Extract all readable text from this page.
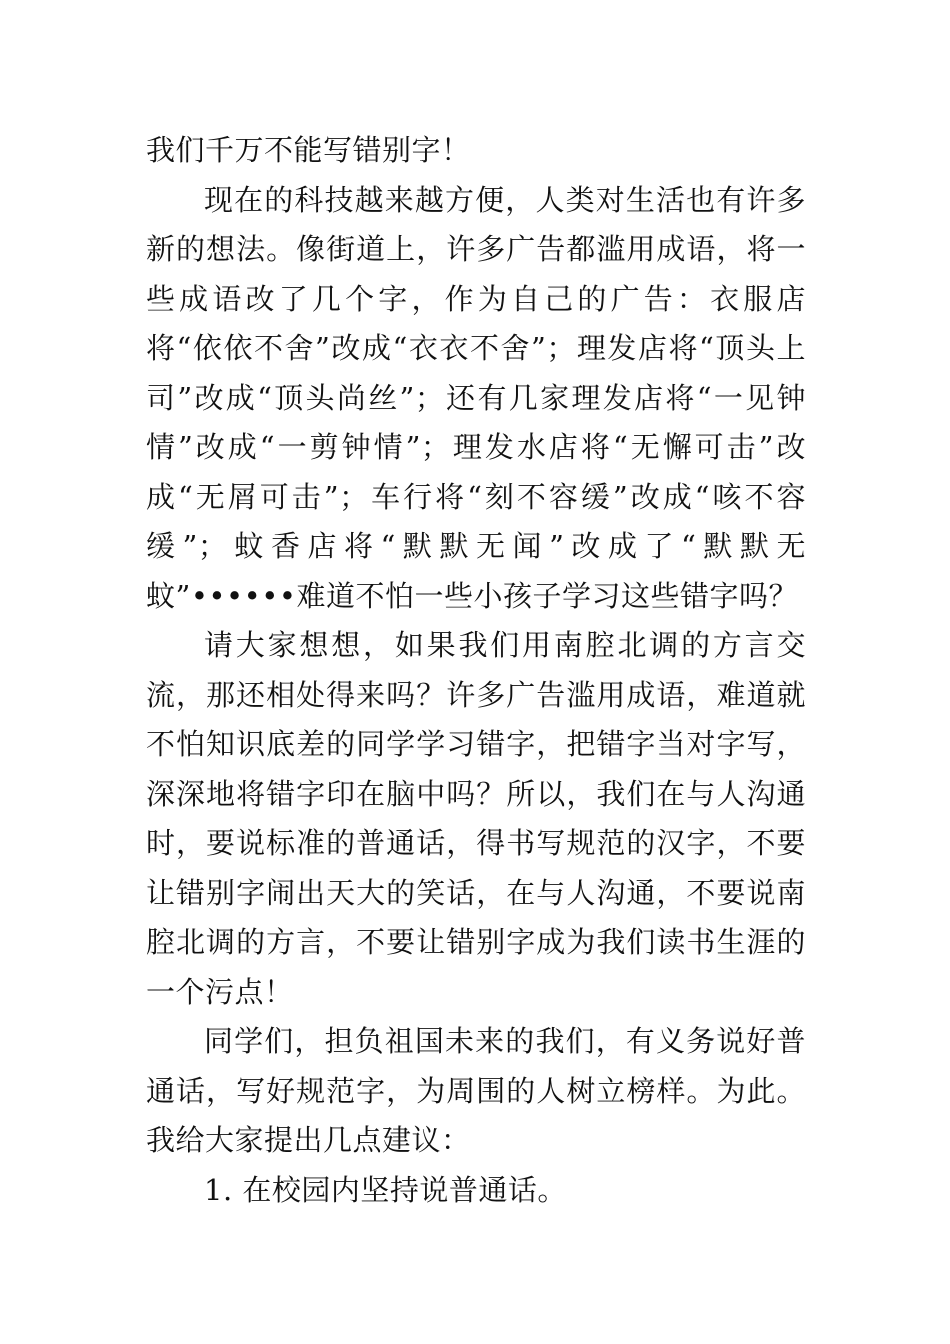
我们千万不能写错别字！

现在的科技越来越方便，人类对生活也有许多新的想法。像街道上，许多广告都滥用成语，将一些成语改了几个字，作为自己的广告：衣服店将“依依不舍”改成“衣衣不舍”；理发店将“顶头上司”改成“顶头尚丝”；还有几家理发店将“一见钟情”改成“一剪钟情”；理发水店将“无懈可击”改成“无屑可击”；车行将“刻不容缓”改成“咳不容缓”；蚊香店将“默默无闻”改成了“默默无蚊”••••••难道不怕一些小孩子学习这些错字吗？

请大家想想，如果我们用南腔北调的方言交流，那还相处得来吗？许多广告滥用成语，难道就不怕知识底差的同学学习错字，把错字当对字写，深深地将错字印在脑中吗？所以，我们在与人沟通时，要说标准的普通话，得书写规范的汉字，不要让错别字闹出天大的笑话，在与人沟通，不要说南腔北调的方言，不要让错别字成为我们读书生涯的一个污点！

同学们，担负祖国未来的我们，有义务说好普通话，写好规范字，为周围的人树立榜样。为此。我给大家提出几点建议：

1. 在校园内坚持说普通话。
